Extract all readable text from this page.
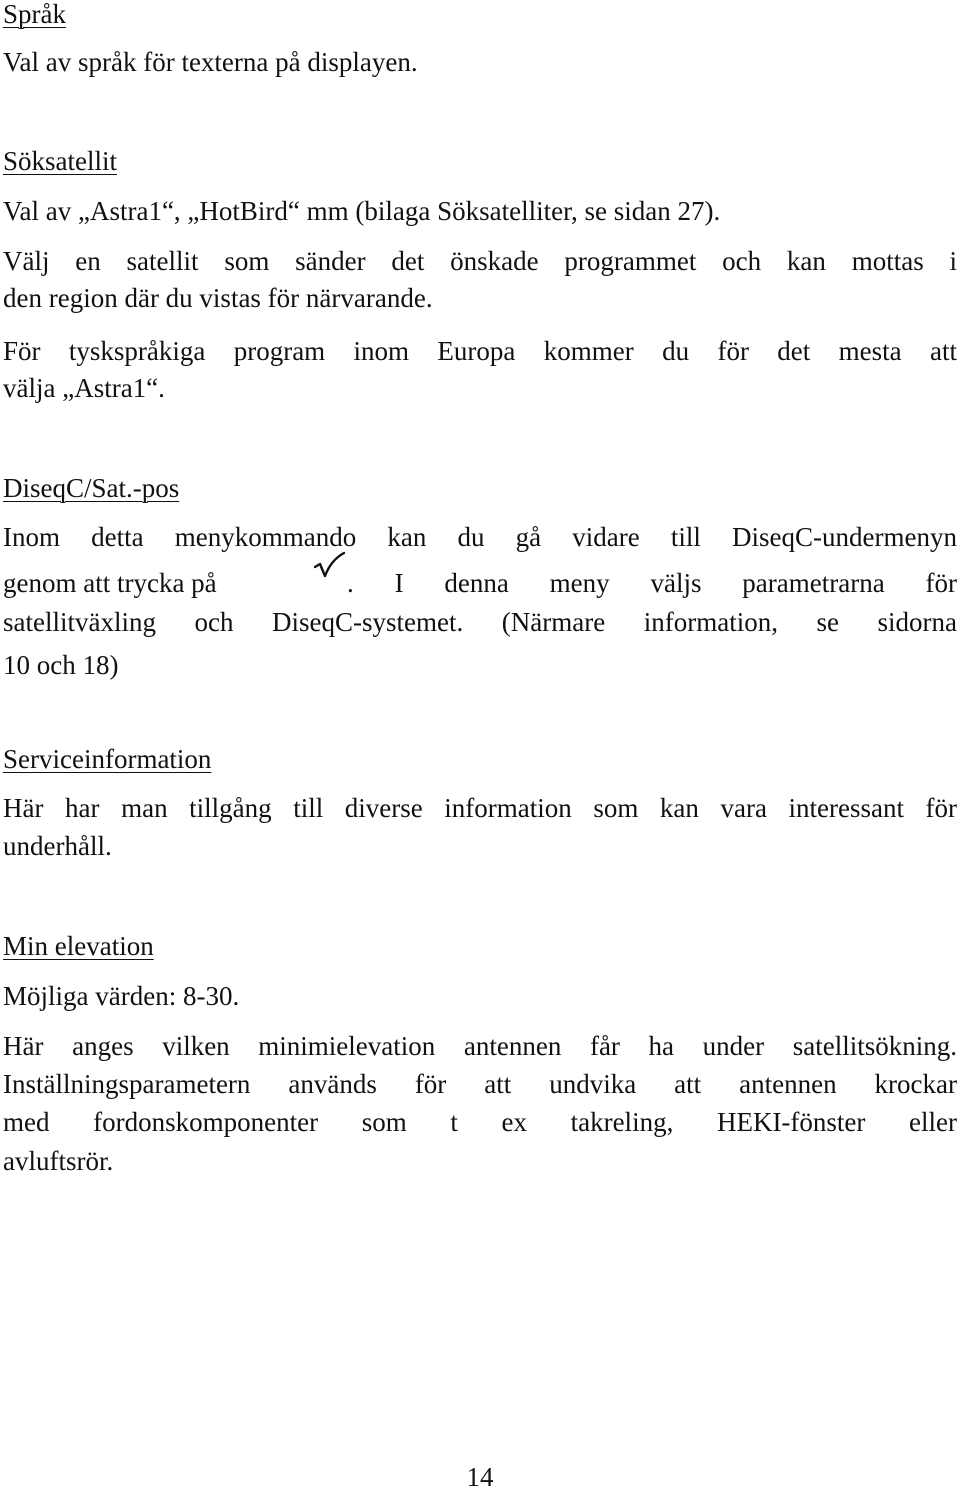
Språk
Val av språk för texterna på displayen.
Söksatellit
Val av „Astra1“, „HotBird“ mm (bilaga Söksatelliter, se sidan 27).
Välj en satellit som sänder det önskade programmet och kan mottas i
den region där du vistas för närvarande.
För tyskspråkiga program inom Europa kommer du för det mesta att
välja „Astra1“.
DiseqC/Sat.-pos
Inom detta menykommando kan du gå vidare till DiseqC-undermenyn
genom att trycka på	. I denna meny väljs parametrarna för
satellitväxling och DiseqC-systemet. (Närmare information, se sidorna
10 och 18)
Serviceinformation
Här har man tillgång till diverse information som kan vara interessant för
underhåll.
Min elevation
Möjliga värden: 8-30.
Här anges vilken minimielevation antennen får ha under satellitsökning.
Inställningsparametern används för att undvika att antennen krockar
med fordonskomponenter som t ex takreling, HEKI-fönster eller
avluftsrör.
14
